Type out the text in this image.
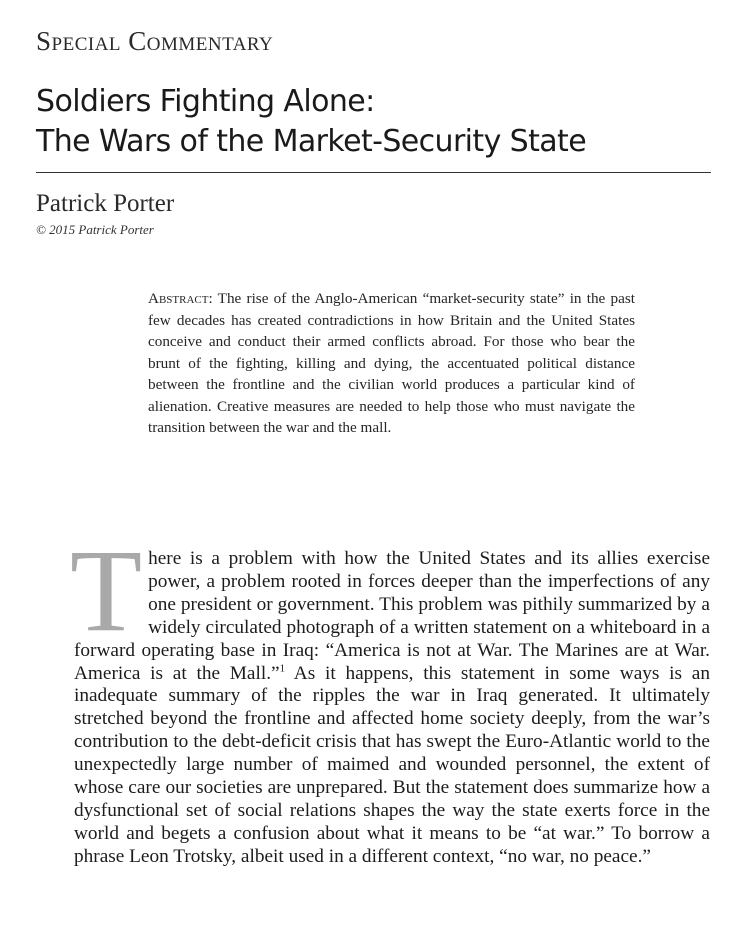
Special Commentary
Soldiers Fighting Alone:
The Wars of the Market-Security State
Patrick Porter
© 2015 Patrick Porter
Abstract: The rise of the Anglo-American “market-security state” in the past few decades has created contradictions in how Britain and the United States conceive and conduct their armed conflicts abroad. For those who bear the brunt of the fighting, killing and dying, the accentuated political distance between the frontline and the civilian world produces a particular kind of alienation. Creative measures are needed to help those who must navigate the transition between the war and the mall.
There is a problem with how the United States and its allies exercise power, a problem rooted in forces deeper than the imperfections of any one president or government. This problem was pithily summarized by a widely circulated photograph of a written statement on a whiteboard in a forward operating base in Iraq: “America is not at War. The Marines are at War. America is at the Mall.”$^1$ As it happens, this statement in some ways is an inadequate summary of the ripples the war in Iraq generated. It ultimately stretched beyond the frontline and affected home society deeply, from the war’s contribution to the debt-deficit crisis that has swept the Euro-Atlantic world to the unexpectedly large number of maimed and wounded personnel, the extent of whose care our societies are unprepared. But the statement does summarize how a dysfunctional set of social relations shapes the way the state exerts force in the world and begets a confusion about what it means to be “at war.” To borrow a phrase Leon Trotsky, albeit used in a different context, “no war, no peace.”
